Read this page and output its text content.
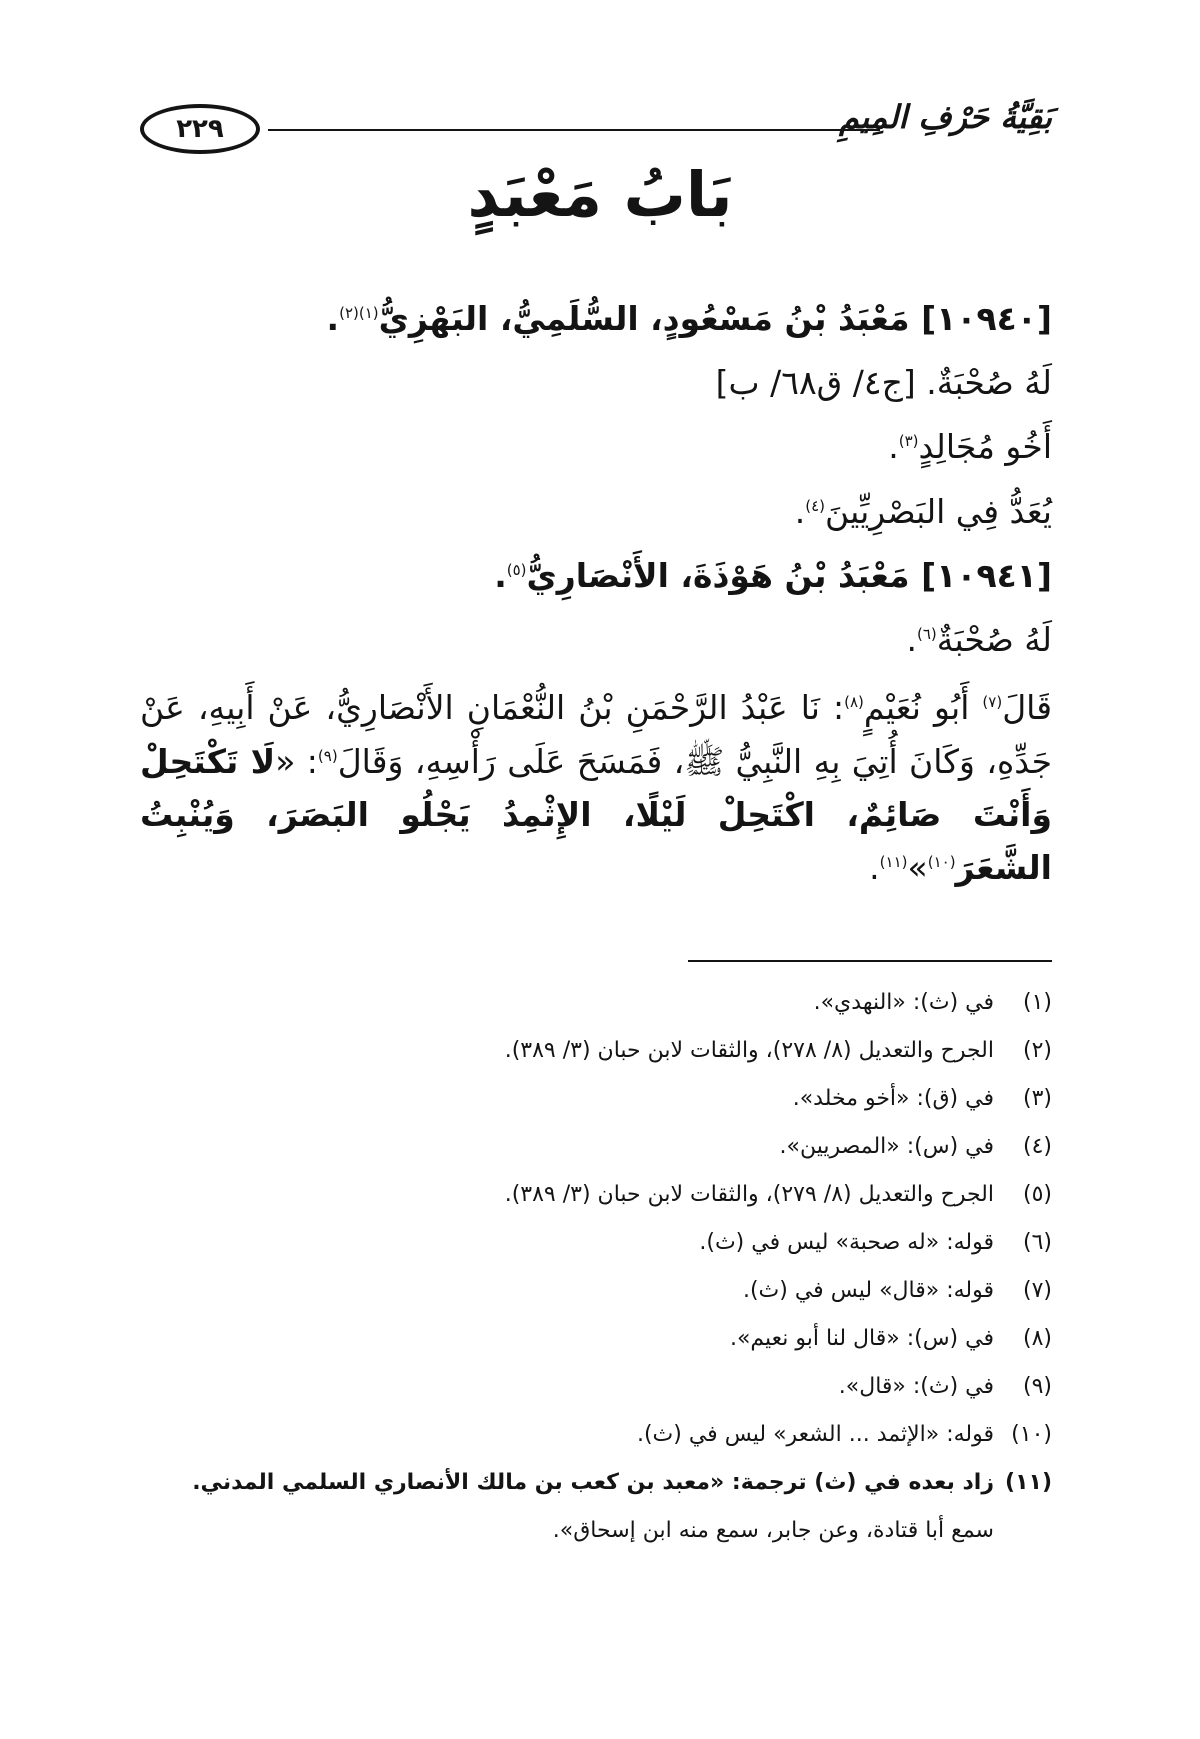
٢٢٩	بَقِيَّةُ حَرْفِ المِيمِ
بَابُ مَعْبَدٍ
[١٠٩٤٠] مَعْبَدُ بْنُ مَسْعُودٍ، السُّلَمِيُّ، البَهْزِيُّ$^{(١)(٢)}$.
لَهُ صُحْبَةٌ. [ج٤/ ق٦٨/ ب]
أَخُو مُجَالِدٍ$^{(٣)}$.
يُعَدُّ فِي البَصْرِيِّينَ$^{(٤)}$.
[١٠٩٤١] مَعْبَدُ بْنُ هَوْذَةَ، الأَنْصَارِيُّ$^{(٥)}$.
لَهُ صُحْبَةٌ$^{(٦)}$.
قَالَ$^{(٧)}$ أَبُو نُعَيْمٍ$^{(٨)}$: نَا عَبْدُ الرَّحْمَنِ بْنُ النُّعْمَانِ الأَنْصَارِيُّ، عَنْ أَبِيهِ، عَنْ جَدِّهِ، وَكَانَ أُتِيَ بِهِ النَّبِيُّ ﷺ، فَمَسَحَ عَلَى رَأْسِهِ، وَقَالَ$^{(٩)}$: «لَا تَكْتَحِلْ وَأَنْتَ صَائِمٌ، اكْتَحِلْ لَيْلًا، الإِثْمِدُ يَجْلُو البَصَرَ، وَيُنْبِتُ الشَّعَرَ$^{(١٠)}$»$^{(١١)}$.
(١)
في (ث): «النهدي».
(٢)
الجرح والتعديل (٨/ ٢٧٨)، والثقات لابن حبان (٣/ ٣٨٩).
(٣)
في (ق): «أخو مخلد».
(٤)
في (س): «المصريين».
(٥)
الجرح والتعديل (٨/ ٢٧٩)، والثقات لابن حبان (٣/ ٣٨٩).
(٦)
قوله: «له صحبة» ليس في (ث).
(٧)
قوله: «قال» ليس في (ث).
(٨)
في (س): «قال لنا أبو نعيم».
(٩)
في (ث): «قال».
(١٠)
قوله: «الإثمد ... الشعر» ليس في (ث).
(١١)
زاد بعده في (ث) ترجمة: «معبد بن كعب بن مالك الأنصاري السلمي المدني.
سمع أبا قتادة، وعن جابر، سمع منه ابن إسحاق».
